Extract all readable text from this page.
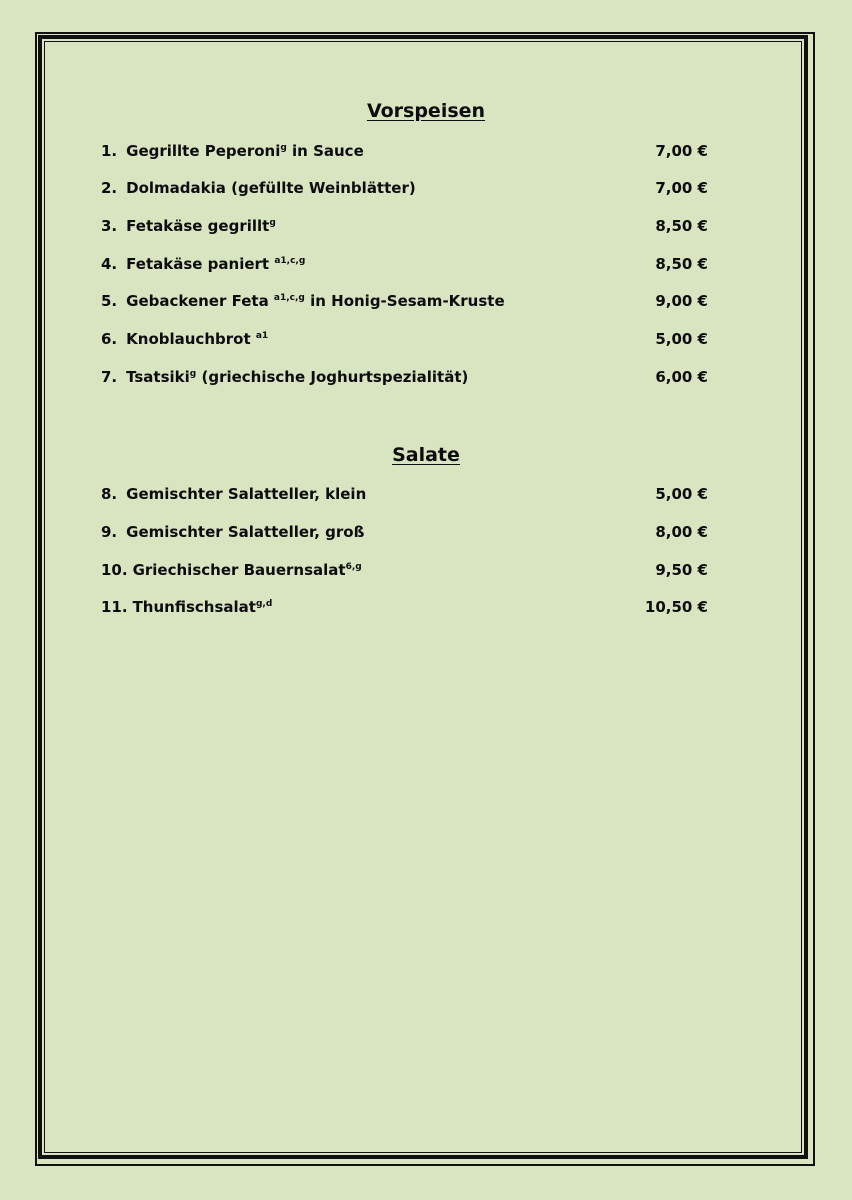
Vorspeisen
1. Gegrillte Peperoni$^g$ in Sauce	7,00 €
2. Dolmadakia (gefüllte Weinblätter)	7,00 €
3. Fetakäse gegrillt$^g$	8,50 €
4. Fetakäse paniert $^{a1,c,g}$	8,50 €
5. Gebackener Feta $^{a1,c,g}$ in Honig-Sesam-Kruste	9,00 €
6. Knoblauchbrot $^{a1}$	5,00 €
7. Tsatsiki$^g$ (griechische Joghurtspezialität)	6,00 €
Salate
8. Gemischter Salatteller, klein	5,00 €
9. Gemischter Salatteller, groß	8,00 €
10. Griechischer Bauernsalat$^{6,g}$	9,50 €
11. Thunfischsalat$^{g,d}$	10,50 €
